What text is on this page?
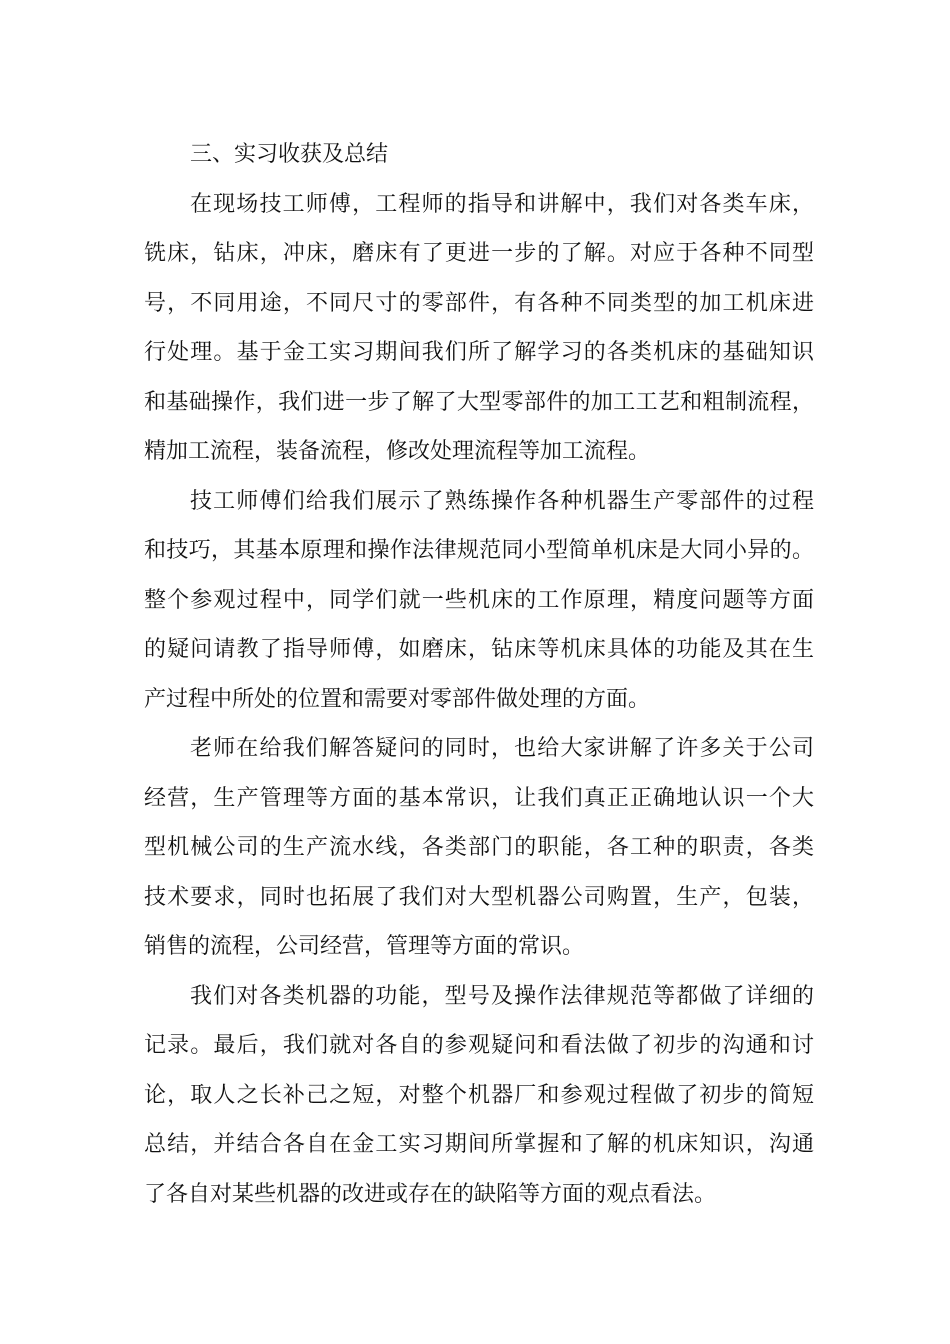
三、实习收获及总结
在现场技工师傅，工程师的指导和讲解中，我们对各类车床，
铣床，钻床，冲床，磨床有了更进一步的了解。对应于各种不同型
号，不同用途，不同尺寸的零部件，有各种不同类型的加工机床进
行处理。基于金工实习期间我们所了解学习的各类机床的基础知识
和基础操作，我们进一步了解了大型零部件的加工工艺和粗制流程，
精加工流程，装备流程，修改处理流程等加工流程。
技工师傅们给我们展示了熟练操作各种机器生产零部件的过程
和技巧，其基本原理和操作法律规范同小型简单机床是大同小异的。
整个参观过程中，同学们就一些机床的工作原理，精度问题等方面
的疑问请教了指导师傅，如磨床，钻床等机床具体的功能及其在生
产过程中所处的位置和需要对零部件做处理的方面。
老师在给我们解答疑问的同时，也给大家讲解了许多关于公司
经营，生产管理等方面的基本常识，让我们真正正确地认识一个大
型机械公司的生产流水线，各类部门的职能，各工种的职责，各类
技术要求，同时也拓展了我们对大型机器公司购置，生产，包装，
销售的流程，公司经营，管理等方面的常识。
我们对各类机器的功能，型号及操作法律规范等都做了详细的
记录。最后，我们就对各自的参观疑问和看法做了初步的沟通和讨
论，取人之长补己之短，对整个机器厂和参观过程做了初步的简短
总结，并结合各自在金工实习期间所掌握和了解的机床知识，沟通
了各自对某些机器的改进或存在的缺陷等方面的观点看法。
